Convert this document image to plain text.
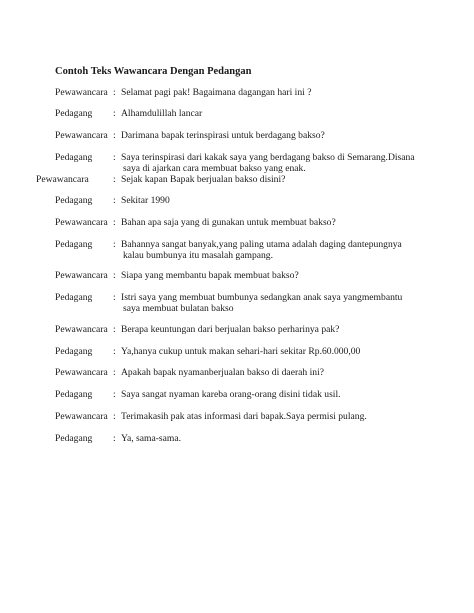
Contoh Teks Wawancara Dengan Pedangan
Pewawancara : Selamat pagi pak! Bagaimana dagangan hari ini ?
Pedagang : Alhamdulillah lancar
Pewawancara : Darimana bapak terinspirasi untuk berdagang bakso?
Pedagang : Saya terinspirasi dari kakak saya yang berdagang bakso di Semarang.Disana
saya di ajarkan cara membuat bakso yang enak.
Pewawancara	: Sejak kapan Bapak berjualan bakso disini?
Pedagang : Sekitar 1990
Pewawancara : Bahan apa saja yang di gunakan untuk membuat bakso?
Pedagang : Bahannya sangat banyak,yang paling utama adalah daging dantepungnya
kalau bumbunya itu masalah gampang.
Pewawancara : Siapa yang membantu bapak membuat bakso?
Pedagang : Istri saya yang membuat bumbunya sedangkan anak saya yangmembantu
saya membuat bulatan bakso
Pewawancara : Berapa keuntungan dari berjualan bakso perharinya pak?
Pedagang : Ya,hanya cukup untuk makan sehari-hari sekitar Rp.60.000,00
Pewawancara : Apakah bapak nyamanberjualan bakso di daerah ini?
Pedagang : Saya sangat nyaman kareba orang-orang disini tidak usil.
Pewawancara : Terimakasih pak atas informasi dari bapak.Saya permisi pulang.
Pedagang : Ya, sama-sama.
